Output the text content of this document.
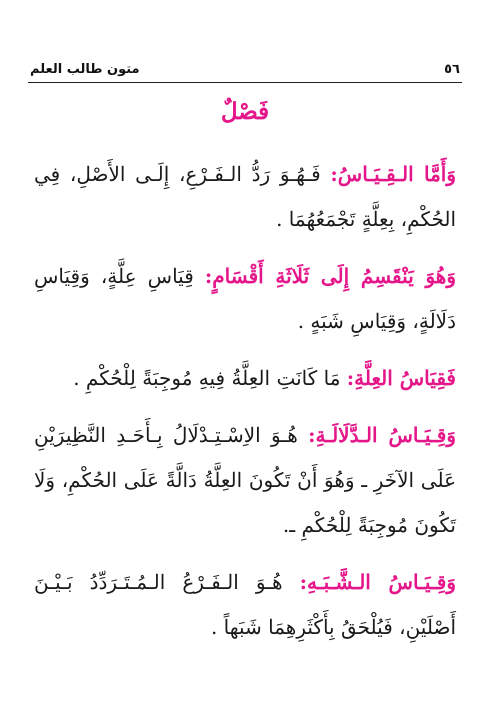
٥٦
متون طالب العلم
فَصْلٌ

وَأَمَّا الـقِـيَـاسُ: فَـهُـوَ رَدُّ الـفَـرْعِ، إِلَـى الأَصْلِ، فِي الحُكْمِ، بِعِلَّةٍ تَجْمَعُهُمَا .

وَهُوَ يَنْقَسِمُ إِلَى ثَلَاثَةِ أَقْسَامٍ: قِيَاسِ عِلَّةٍ، وَقِيَاسِ دَلَالَةٍ، وَقِيَاسِ شَبَهٍ .

فَقِيَاسُ العِلَّةِ: مَا كَانَتِ العِلَّةُ فِيهِ مُوجِبَةً لِلْحُكْمِ .

وَقِـيَـاسُ الـدَّلَالَـةِ: هُـوَ الاِسْـتِـدْلَالُ بِـأَحَـدِ النَّظِيرَيْنِ عَلَى الآخَرِ ـ وَهُوَ أَنْ تَكُونَ العِلَّةُ دَالَّةً عَلَى الحُكْمِ، وَلَا تَكُونَ مُوجِبَةً لِلْحُكْمِ ـ.

وَقِـيَـاسُ الـشَّـبَـهِ: هُـوَ الـفَـرْعُ الـمُـتَـرَدِّدُ بَـيْـنَ أَصْلَيْنِ، فَيُلْحَقُ بِأَكْثَرِهِمَا شَبَهاً .
